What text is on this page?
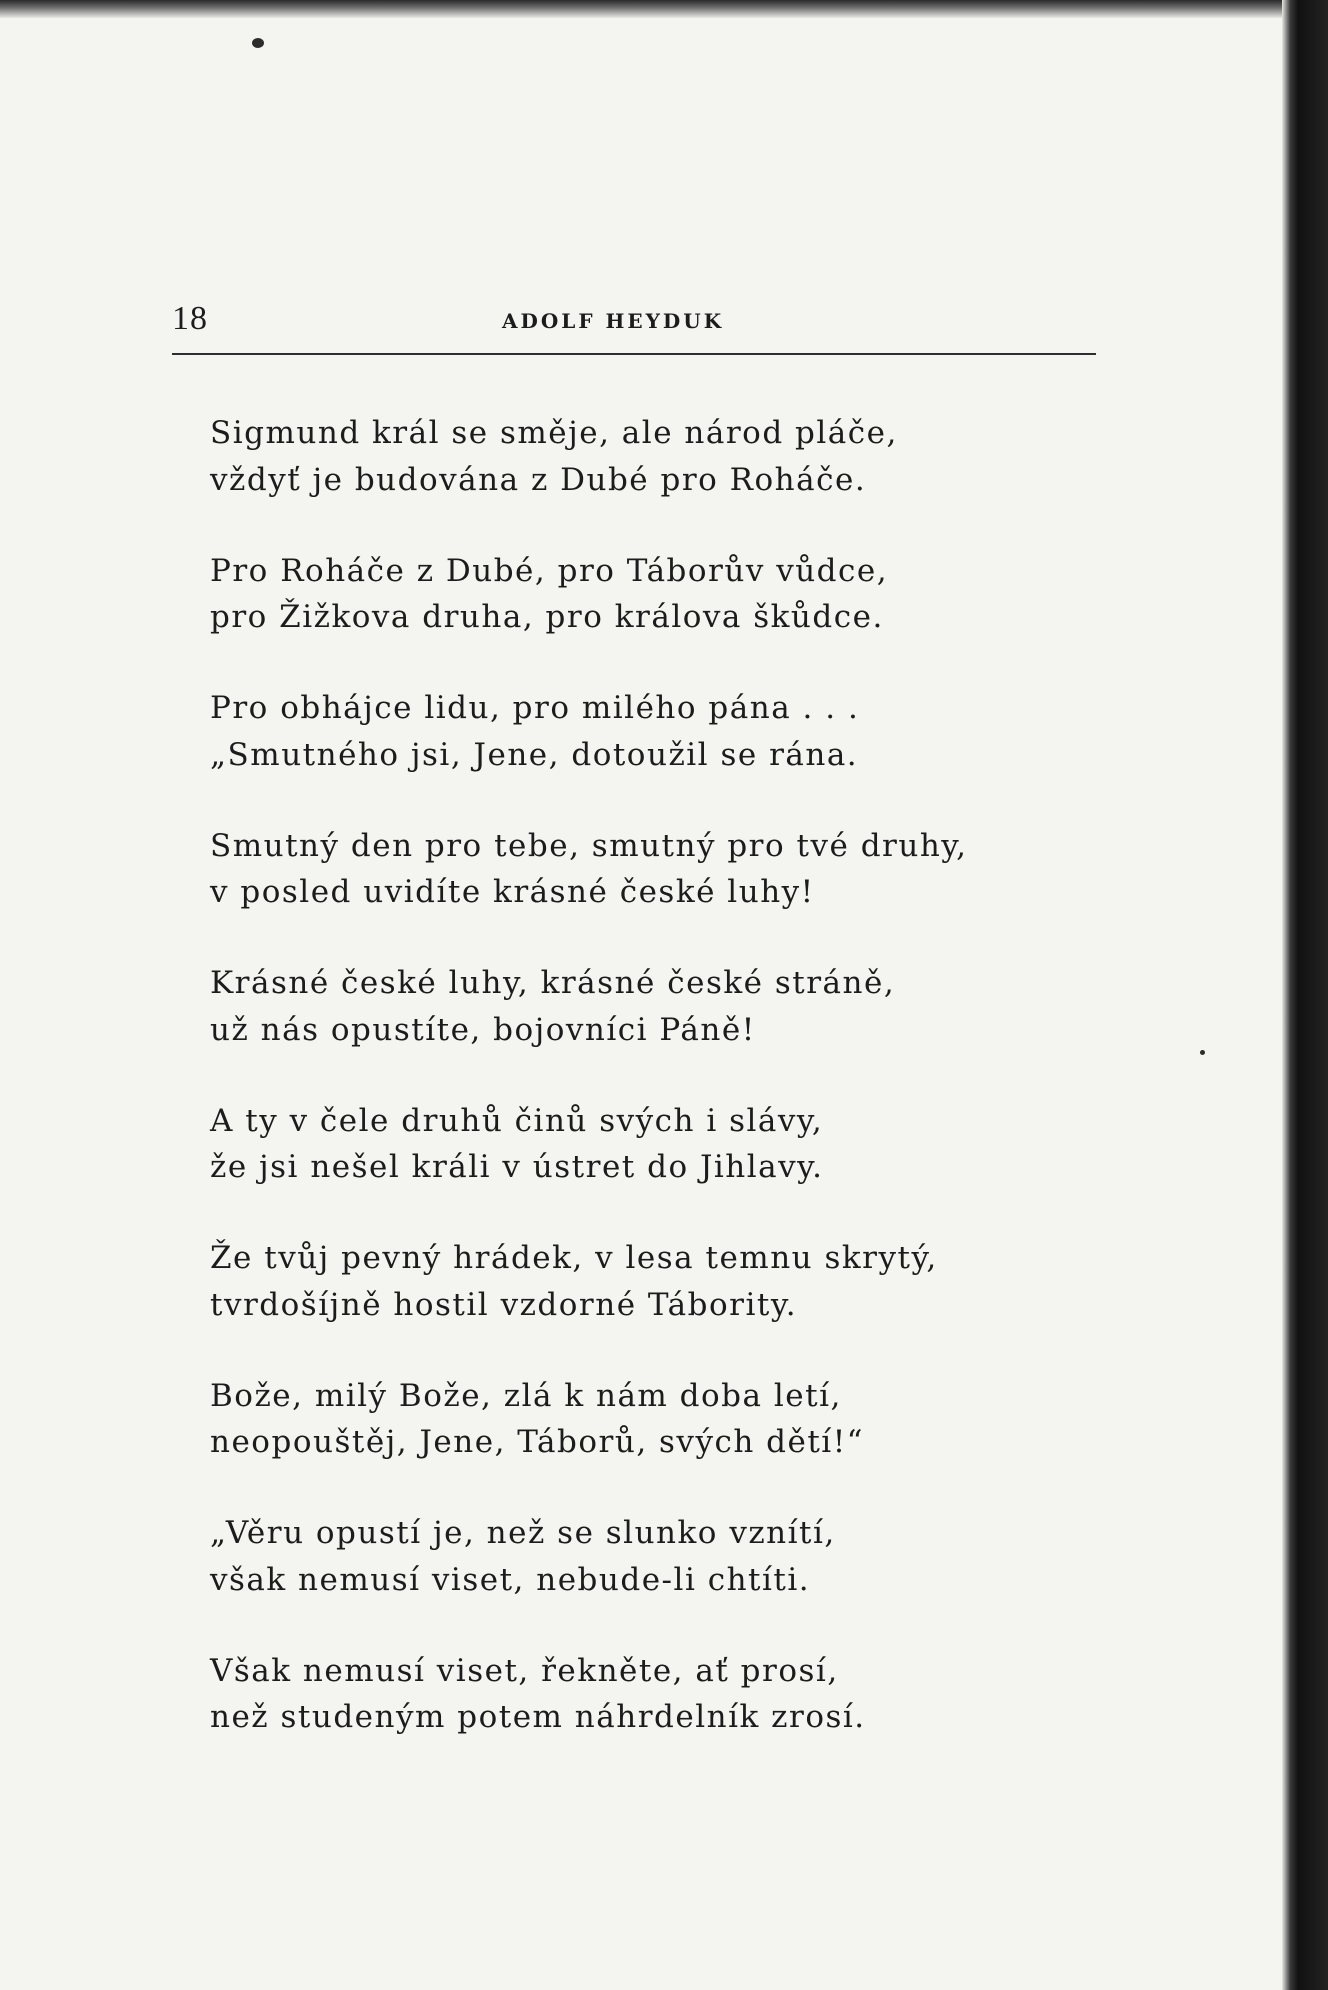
18	ADOLF HEYDUK
Sigmund král se směje, ale národ pláče,
vždyť je budována z Dubé pro Roháče.
Pro Roháče z Dubé, pro Táborův vůdce,
pro Žižkova druha, pro králova škůdce.
Pro obhájce lidu, pro milého pána . . .
„Smutného jsi, Jene, dotoužil se rána.
Smutný den pro tebe, smutný pro tvé druhy,
v posled uvidíte krásné české luhy!
Krásné české luhy, krásné české stráně,
už nás opustíte, bojovníci Páně!
A ty v čele druhů činů svých i slávy,
že jsi nešel králi v ústret do Jihlavy.
Že tvůj pevný hrádek, v lesa temnu skrytý,
tvrdošíjně hostil vzdorné Tábority.
Bože, milý Bože, zlá k nám doba letí,
neopouštěj, Jene, Táborů, svých dětí!“
„Věru opustí je, než se slunko vznítí,
však nemusí viset, nebude-li chtíti.
Však nemusí viset, řekněte, ať prosí,
než studeným potem náhrdelník zrosí.
